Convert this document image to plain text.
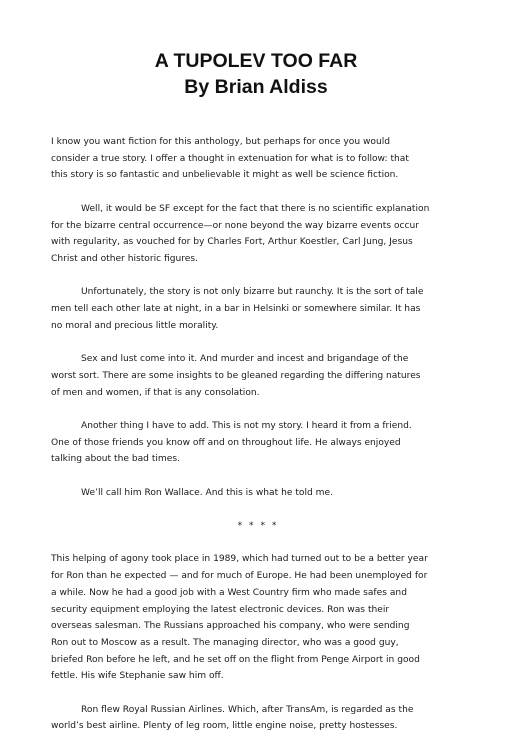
A TUPOLEV TOO FAR
By Brian Aldiss

I know you want fiction for this anthology, but perhaps for once you would
consider a true story. I offer a thought in extenuation for what is to follow: that
this story is so fantastic and unbelievable it might as well be science fiction.

Well, it would be SF except for the fact that there is no scientific explanation
for the bizarre central occurrence—or none beyond the way bizarre events occur
with regularity, as vouched for by Charles Fort, Arthur Koestler, Carl Jung, Jesus
Christ and other historic figures.

Unfortunately, the story is not only bizarre but raunchy. It is the sort of tale
men tell each other late at night, in a bar in Helsinki or somewhere similar. It has
no moral and precious little morality.

Sex and lust come into it. And murder and incest and brigandage of the
worst sort. There are some insights to be gleaned regarding the differing natures
of men and women, if that is any consolation.

Another thing I have to add. This is not my story. I heard it from a friend.
One of those friends you know off and on throughout life. He always enjoyed
talking about the bad times.

We’ll call him Ron Wallace. And this is what he told me.

* * * *

This helping of agony took place in 1989, which had turned out to be a better year
for Ron than he expected — and for much of Europe. He had been unemployed for
a while. Now he had a good job with a West Country firm who made safes and
security equipment employing the latest electronic devices. Ron was their
overseas salesman. The Russians approached his company, who were sending
Ron out to Moscow as a result. The managing director, who was a good guy,
briefed Ron before he left, and he set off on the flight from Penge Airport in good
fettle. His wife Stephanie saw him off.

Ron flew Royal Russian Airlines. Which, after TransAm, is regarded as the
world’s best airline. Plenty of leg room, little engine noise, pretty hostesses.
